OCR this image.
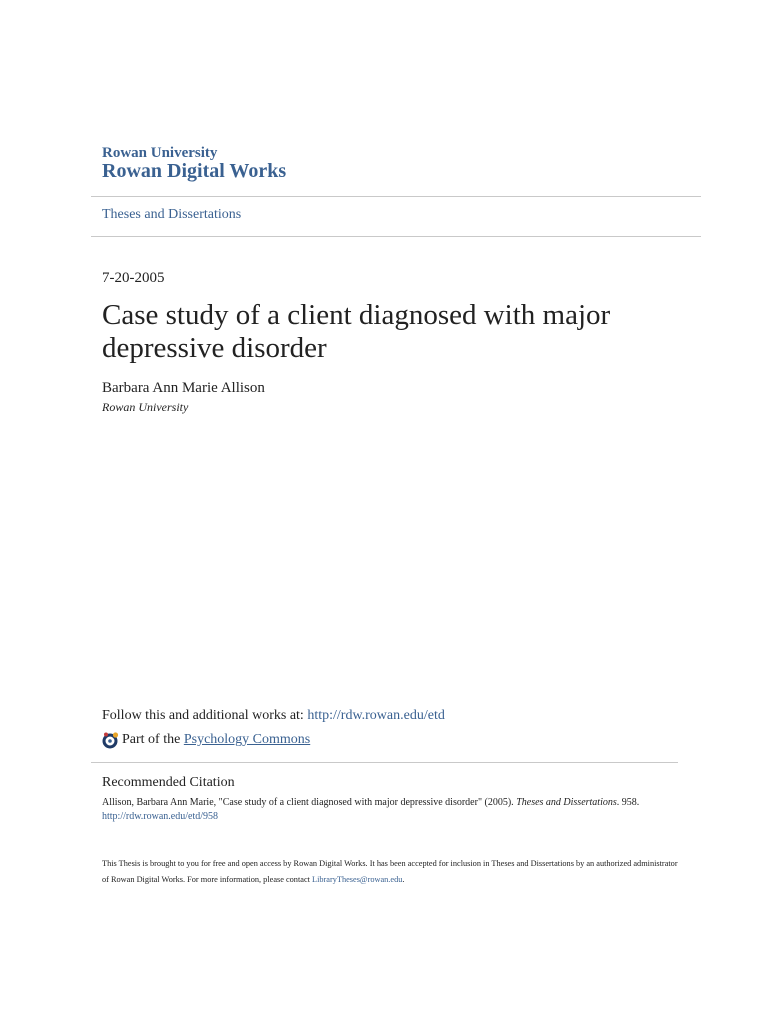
Rowan University
Rowan Digital Works
Theses and Dissertations
7-20-2005
Case study of a client diagnosed with major depressive disorder
Barbara Ann Marie Allison
Rowan University
Follow this and additional works at: http://rdw.rowan.edu/etd
Part of the Psychology Commons
Recommended Citation
Allison, Barbara Ann Marie, "Case study of a client diagnosed with major depressive disorder" (2005). Theses and Dissertations. 958.
http://rdw.rowan.edu/etd/958
This Thesis is brought to you for free and open access by Rowan Digital Works. It has been accepted for inclusion in Theses and Dissertations by an authorized administrator of Rowan Digital Works. For more information, please contact LibraryTheses@rowan.edu.
